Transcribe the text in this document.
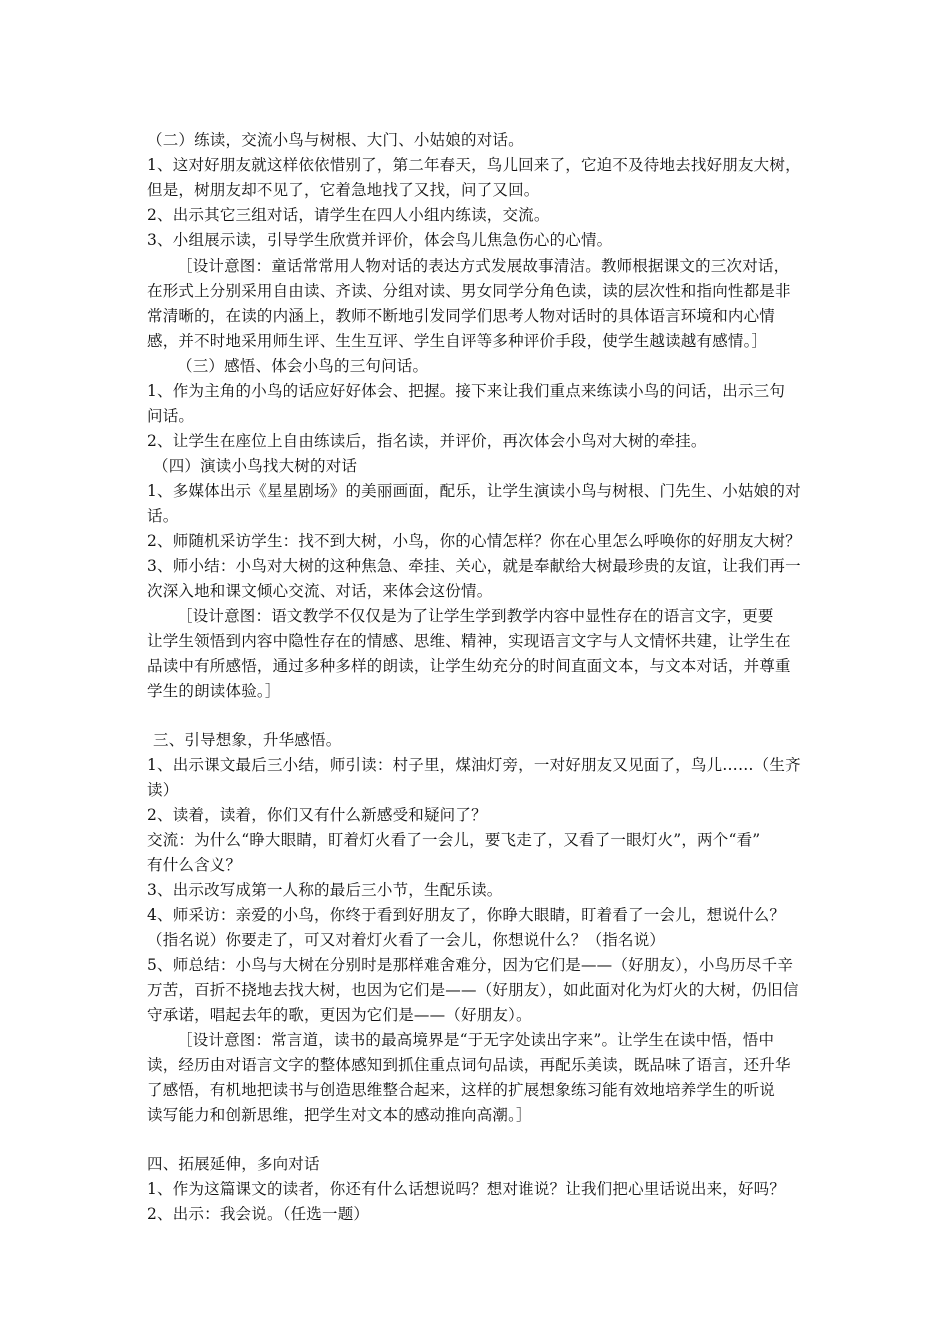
（二）练读，交流小鸟与树根、大门、小姑娘的对话。
1、这对好朋友就这样依依惜别了，第二年春天，鸟儿回来了，它迫不及待地去找好朋友大树，
但是，树朋友却不见了，它着急地找了又找，问了又回。
2、出示其它三组对话，请学生在四人小组内练读，交流。
3、小组展示读，引导学生欣赏并评价，体会鸟儿焦急伤心的心情。
［设计意图：童话常常用人物对话的表达方式发展故事清洁。教师根据课文的三次对话，
在形式上分别采用自由读、齐读、分组对读、男女同学分角色读，读的层次性和指向性都是非
常清晰的，在读的内涵上，教师不断地引发同学们思考人物对话时的具体语言环境和内心情
感，并不时地采用师生评、生生互评、学生自评等多种评价手段，使学生越读越有感情。］
（三）感悟、体会小鸟的三句问话。
1、作为主角的小鸟的话应好好体会、把握。接下来让我们重点来练读小鸟的问话，出示三句
问话。
2、让学生在座位上自由练读后，指名读，并评价，再次体会小鸟对大树的牵挂。
（四）演读小鸟找大树的对话
1、多媒体出示《星星剧场》的美丽画面，配乐，让学生演读小鸟与树根、门先生、小姑娘的对
话。
2、师随机采访学生：找不到大树，小鸟，你的心情怎样？你在心里怎么呼唤你的好朋友大树？
3、师小结：小鸟对大树的这种焦急、牵挂、关心，就是奉献给大树最珍贵的友谊，让我们再一
次深入地和课文倾心交流、对话，来体会这份情。
［设计意图：语文教学不仅仅是为了让学生学到教学内容中显性存在的语言文字，更要
让学生领悟到内容中隐性存在的情感、思维、精神，实现语言文字与人文情怀共建，让学生在
品读中有所感悟，通过多种多样的朗读，让学生幼充分的时间直面文本，与文本对话，并尊重
学生的朗读体验。］
三、引导想象，升华感悟。
1、出示课文最后三小结，师引读：村子里，煤油灯旁，一对好朋友又见面了，鸟儿……（生齐
读）
2、读着，读着，你们又有什么新感受和疑问了？
交流：为什么“睁大眼睛，盯着灯火看了一会儿，要飞走了，又看了一眼灯火”，两个“看”
有什么含义？
3、出示改写成第一人称的最后三小节，生配乐读。
4、师采访：亲爱的小鸟，你终于看到好朋友了，你睁大眼睛，盯着看了一会儿，想说什么？
（指名说）你要走了，可又对着灯火看了一会儿，你想说什么？（指名说）
5、师总结：小鸟与大树在分别时是那样难舍难分，因为它们是——（好朋友），小鸟历尽千辛
万苦，百折不挠地去找大树，也因为它们是——（好朋友），如此面对化为灯火的大树，仍旧信
守承诺，唱起去年的歌，更因为它们是——（好朋友）。
［设计意图：常言道，读书的最高境界是“于无字处读出字来”。让学生在读中悟，悟中
读，经历由对语言文字的整体感知到抓住重点词句品读，再配乐美读，既品味了语言，还升华
了感悟，有机地把读书与创造思维整合起来，这样的扩展想象练习能有效地培养学生的听说
读写能力和创新思维，把学生对文本的感动推向高潮。］
四、拓展延伸，多向对话
1、作为这篇课文的读者，你还有什么话想说吗？想对谁说？让我们把心里话说出来，好吗？
2、出示：我会说。（任选一题）
